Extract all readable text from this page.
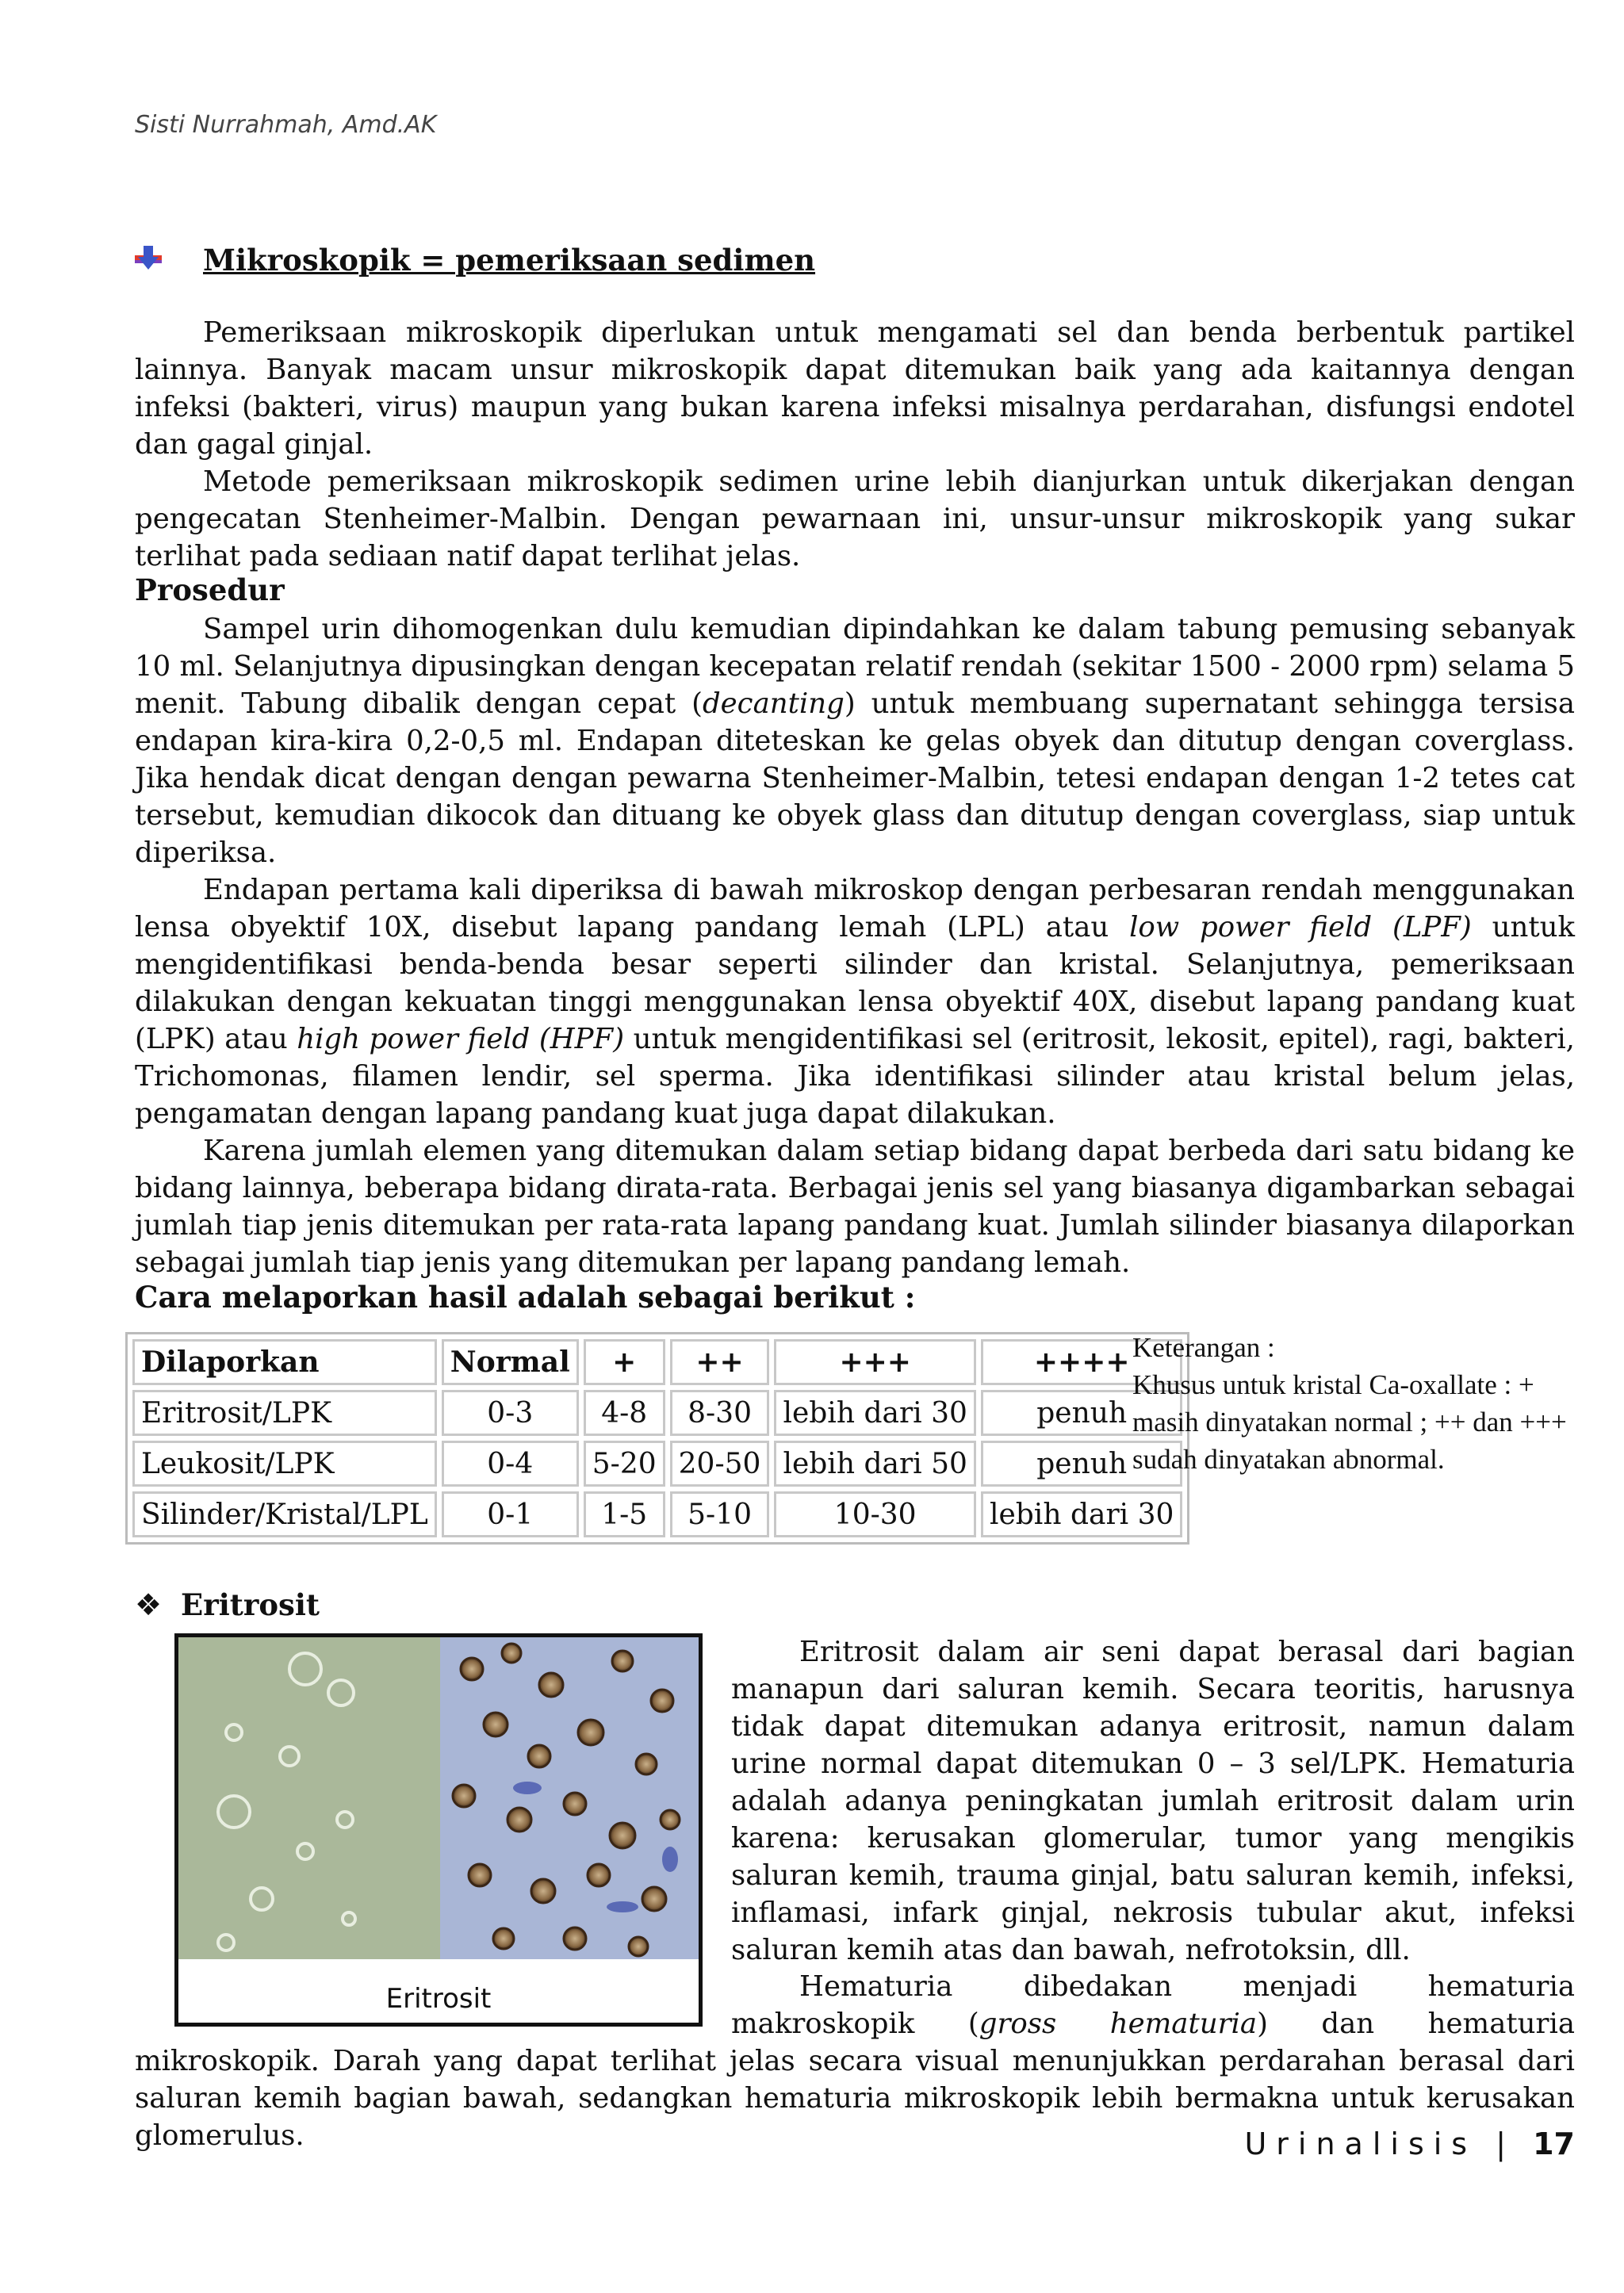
Sisti Nurrahmah, Amd.AK
Mikroskopik = pemeriksaan sedimen

Pemeriksaan mikroskopik diperlukan untuk mengamati sel dan benda berbentuk partikel lainnya. Banyak macam unsur mikroskopik dapat ditemukan baik yang ada kaitannya dengan infeksi (bakteri, virus) maupun yang bukan karena infeksi misalnya perdarahan, disfungsi endotel dan gagal ginjal.

Metode pemeriksaan mikroskopik sedimen urine lebih dianjurkan untuk dikerjakan dengan pengecatan Stenheimer-Malbin. Dengan pewarnaan ini, unsur-unsur mikroskopik yang sukar terlihat pada sediaan natif dapat terlihat jelas.

Prosedur

Sampel urin dihomogenkan dulu kemudian dipindahkan ke dalam tabung pemusing sebanyak 10 ml. Selanjutnya dipusingkan dengan kecepatan relatif rendah (sekitar 1500 - 2000 rpm) selama 5 menit. Tabung dibalik dengan cepat (decanting) untuk membuang supernatant sehingga tersisa endapan kira-kira 0,2-0,5 ml. Endapan diteteskan ke gelas obyek dan ditutup dengan coverglass. Jika hendak dicat dengan dengan pewarna Stenheimer-Malbin, tetesi endapan dengan 1-2 tetes cat tersebut, kemudian dikocok dan dituang ke obyek glass dan ditutup dengan coverglass, siap untuk diperiksa.

Endapan pertama kali diperiksa di bawah mikroskop dengan perbesaran rendah menggunakan lensa obyektif 10X, disebut lapang pandang lemah (LPL) atau low power field (LPF) untuk mengidentifikasi benda-benda besar seperti silinder dan kristal. Selanjutnya, pemeriksaan dilakukan dengan kekuatan tinggi menggunakan lensa obyektif 40X, disebut lapang pandang kuat (LPK) atau high power field (HPF) untuk mengidentifikasi sel (eritrosit, lekosit, epitel), ragi, bakteri, Trichomonas, filamen lendir, sel sperma. Jika identifikasi silinder atau kristal belum jelas, pengamatan dengan lapang pandang kuat juga dapat dilakukan.

Karena jumlah elemen yang ditemukan dalam setiap bidang dapat berbeda dari satu bidang ke bidang lainnya, beberapa bidang dirata-rata. Berbagai jenis sel yang biasanya digambarkan sebagai jumlah tiap jenis ditemukan per rata-rata lapang pandang kuat. Jumlah silinder biasanya dilaporkan sebagai jumlah tiap jenis yang ditemukan per lapang pandang lemah.

Cara melaporkan hasil adalah sebagai berikut :
Dilaporkan	Normal	+	++	+++	++++
Eritrosit/LPK	0-3	4-8	8-30	lebih dari 30	penuh
Leukosit/LPK	0-4	5-20	20-50	lebih dari 50	penuh
Silinder/Kristal/LPL	0-1	1-5	5-10	10-30	lebih dari 30

Keterangan :

Khusus untuk kristal Ca-oxallate : + masih dinyatakan normal ; ++ dan +++ sudah dinyatakan abnormal.

❖ Eritrosit
Eritrosit

Eritrosit dalam air seni dapat berasal dari bagian manapun dari saluran kemih. Secara teoritis, harusnya tidak dapat ditemukan adanya eritrosit, namun dalam urine normal dapat ditemukan 0 – 3 sel/LPK. Hematuria adalah adanya peningkatan jumlah eritrosit dalam urin karena: kerusakan glomerular, tumor yang mengikis saluran kemih, trauma ginjal, batu saluran kemih, infeksi, inflamasi, infark ginjal, nekrosis tubular akut, infeksi saluran kemih atas dan bawah, nefrotoksin, dll.

Hematuria dibedakan menjadi hematuria makroskopik (gross hematuria) dan hematuria mikroskopik. Darah yang dapat terlihat jelas secara visual menunjukkan perdarahan berasal dari saluran kemih bagian bawah, sedangkan hematuria mikroskopik lebih bermakna untuk kerusakan glomerulus.	Urinalisis | 17
